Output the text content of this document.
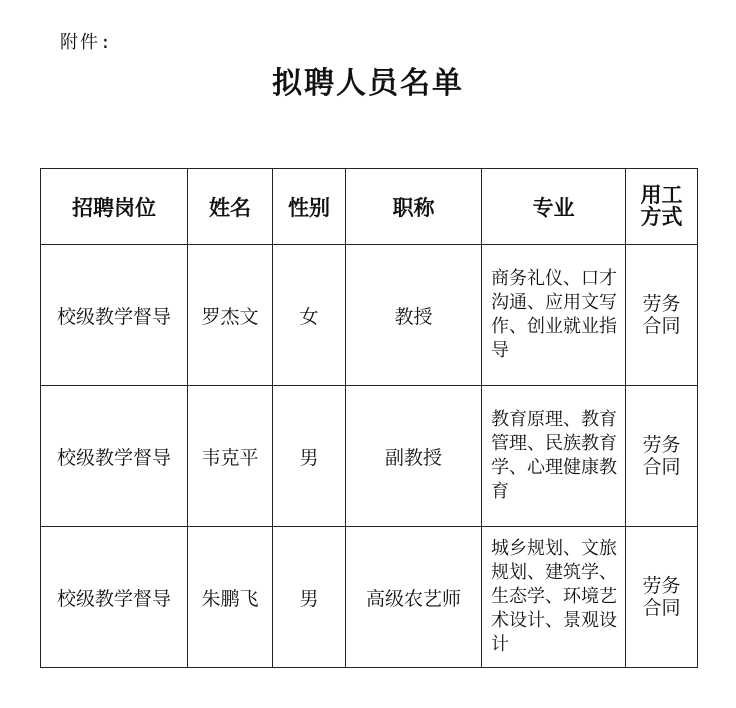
附件:
拟聘人员名单
招聘岗位	姓名	性别	职称	专业	用工方式
校级教学督导	罗杰文	女	教授	商务礼仪、口才沟通、应用文写作、创业就业指导	劳务合同
校级教学督导	韦克平	男	副教授	教育原理、教育管理、民族教育学、心理健康教育	劳务合同
校级教学督导	朱鹏飞	男	高级农艺师	城乡规划、文旅规划、建筑学、生态学、环境艺术设计、景观设计	劳务合同
